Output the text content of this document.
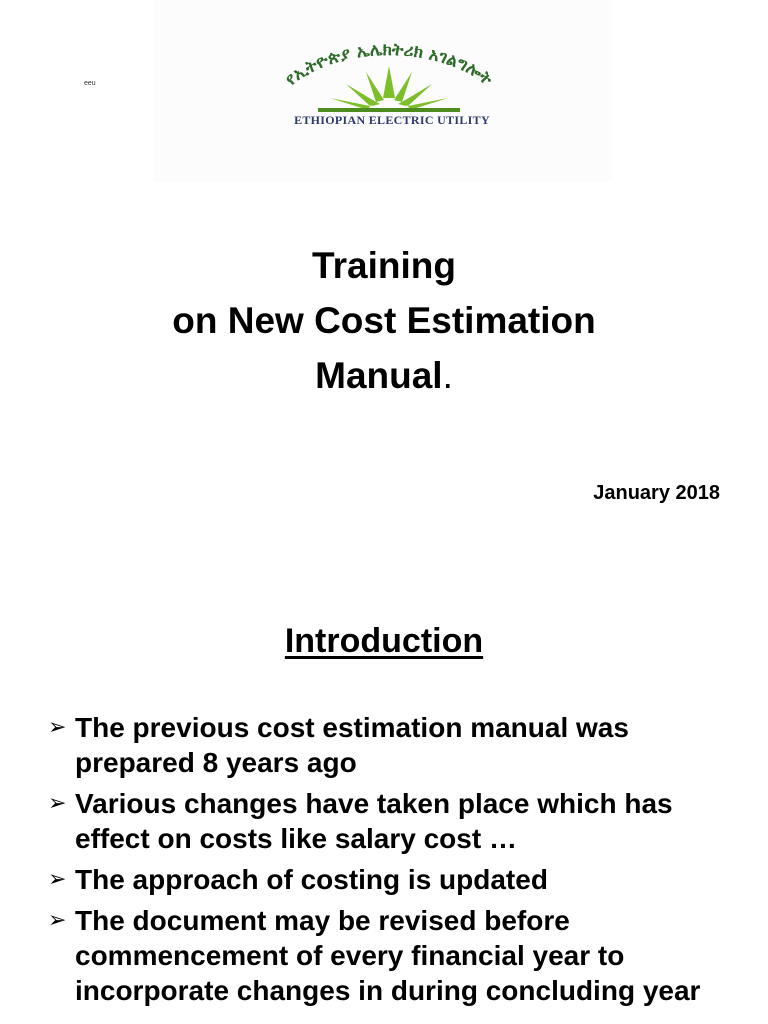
eeu	የኢትዮጵያ ኤሌክትሪክ አገልግሎት
ETHIOPIAN ELECTRIC UTILITY
Training
on New Cost Estimation
Manual.
January 2018
Introduction
➢ The previous cost estimation manual was prepared 8 years ago
➢ Various changes have taken place which has effect on costs like salary cost …
➢ The approach of costing is updated
➢ The document may be revised before commencement of every financial year to incorporate changes in during concluding year
